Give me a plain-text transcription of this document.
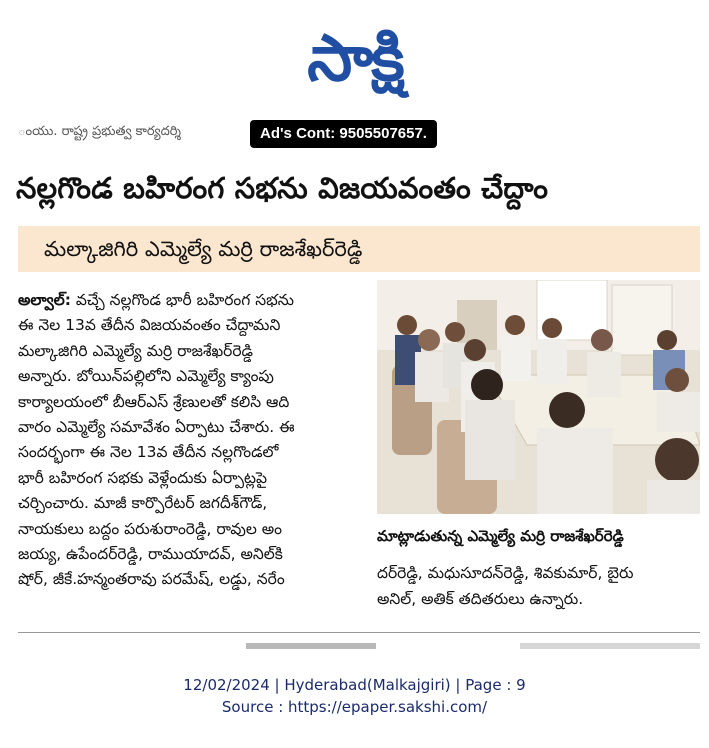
సాక్షి
ంయు. రాష్ట్ర ప్రభుత్వ కార్యదర్శి	Ad's Cont: 9505507657.
నల్లగొండ బహిరంగ సభను విజయవంతం చేద్దాం
మల్కాజిగిరి ఎమ్మెల్యే మర్రి రాజశేఖర్‌రెడ్డి
అల్వాల్: వచ్చే నల్లగొండ భారీ బహిరంగ సభను
ఈ నెల 13వ తేదీన విజయవంతం చేద్దామని
మల్కాజిగిరి ఎమ్మెల్యే మర్రి రాజశేఖర్‌రెడ్డి
అన్నారు. బోయిన్‌పల్లిలోని ఎమ్మెల్యే క్యాంపు
కార్యాలయంలో బీఆర్‌ఎస్‌ శ్రేణులతో కలిసి ఆది
వారం ఎమ్మెల్యే సమావేశం ఏర్పాటు చేశారు. ఈ
సందర్భంగా ఈ నెల 13వ తేదీన నల్లగొండలో
భారీ బహిరంగ సభకు వెళ్లేందుకు ఏర్పాట్లపై
చర్చించారు. మాజీ కార్పొరేటర్‌ జగదీశ్‌గౌడ్‌,
నాయకులు బద్దం పరుశురాంరెడ్డి, రావుల అం
జయ్య, ఉపేందర్‌రెడ్డి, రాముయాదవ్‌, అనిల్‌కి
షోర్‌, జీకే.హన్మంతరావు పరమేష్‌, లడ్డు, నరేం
మాట్లాడుతున్న ఎమ్మెల్యే మర్రి రాజశేఖర్‌రెడ్డి
దర్‌రెడ్డి, మధుసూదన్‌రెడ్డి, శివకుమార్‌, బైరు
అనిల్‌, అతిక్‌ తదితరులు ఉన్నారు.
12/02/2024 | Hyderabad(Malkajgiri) | Page : 9
Source : https://epaper.sakshi.com/
